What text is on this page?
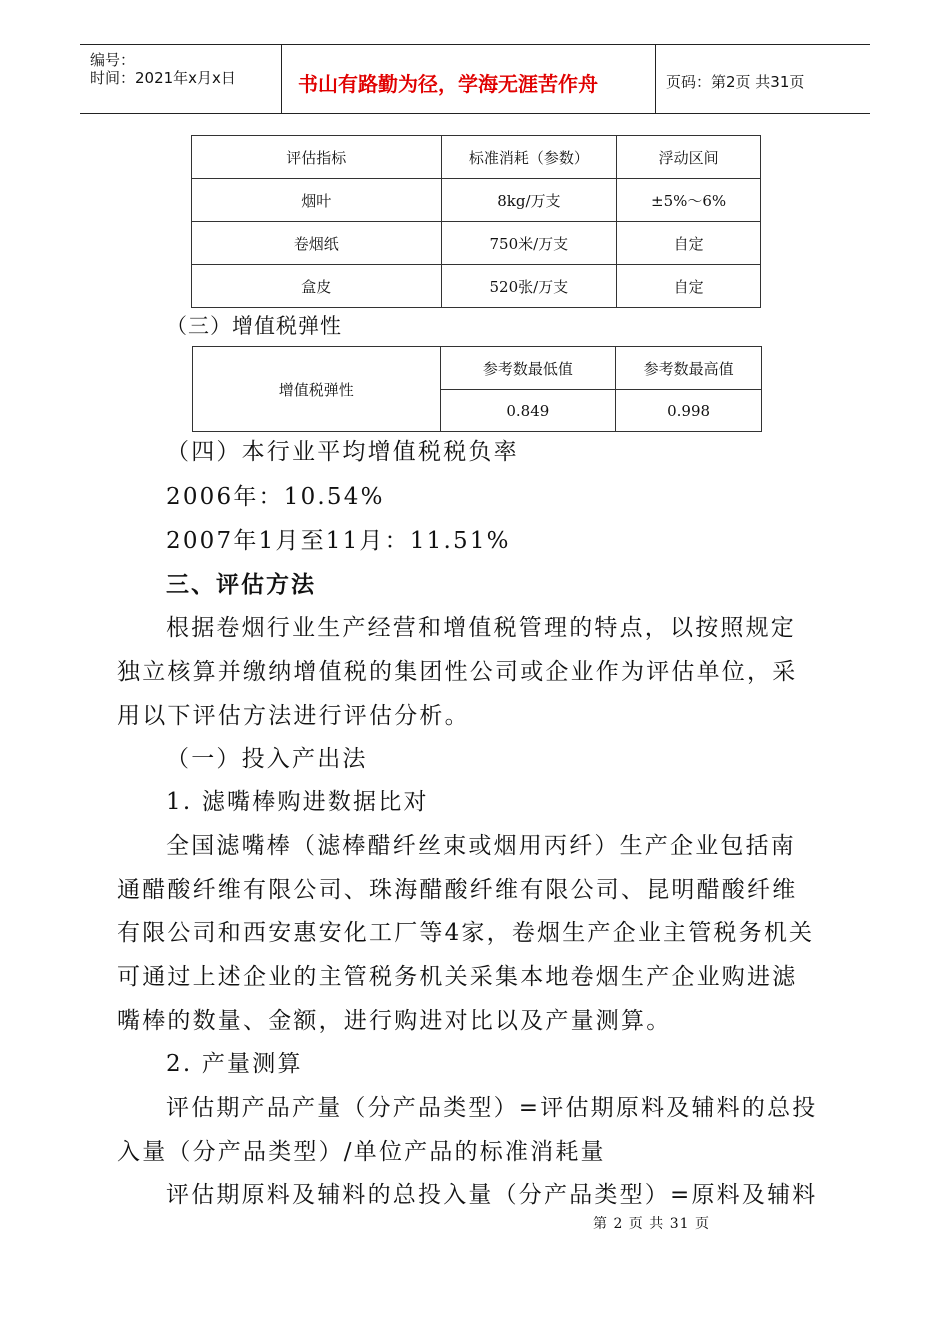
编号：
时间：2021年x月x日	书山有路勤为径，学海无涯苦作舟	页码：第2页 共31页
评估指标	标准消耗（参数）	浮动区间
烟叶	8kg/万支	±5%～6%
卷烟纸	750米/万支	自定
盒皮	520张/万支	自定
（三）增值税弹性
增值税弹性	参考数最低值	参考数最高值
	0.849	0.998
（四）本行业平均增值税税负率
2006年：10.54%
2007年1月至11月：11.51%
三、评估方法
根据卷烟行业生产经营和增值税管理的特点，以按照规定
独立核算并缴纳增值税的集团性公司或企业作为评估单位，采
用以下评估方法进行评估分析。
（一）投入产出法
1. 滤嘴棒购进数据比对
全国滤嘴棒（滤棒醋纤丝束或烟用丙纤）生产企业包括南
通醋酸纤维有限公司、珠海醋酸纤维有限公司、昆明醋酸纤维
有限公司和西安惠安化工厂等4家，卷烟生产企业主管税务机关
可通过上述企业的主管税务机关采集本地卷烟生产企业购进滤
嘴棒的数量、金额，进行购进对比以及产量测算。
2. 产量测算
评估期产品产量（分产品类型）=评估期原料及辅料的总投
入量（分产品类型）/单位产品的标准消耗量
评估期原料及辅料的总投入量（分产品类型）=原料及辅料
第 2 页 共 31 页
